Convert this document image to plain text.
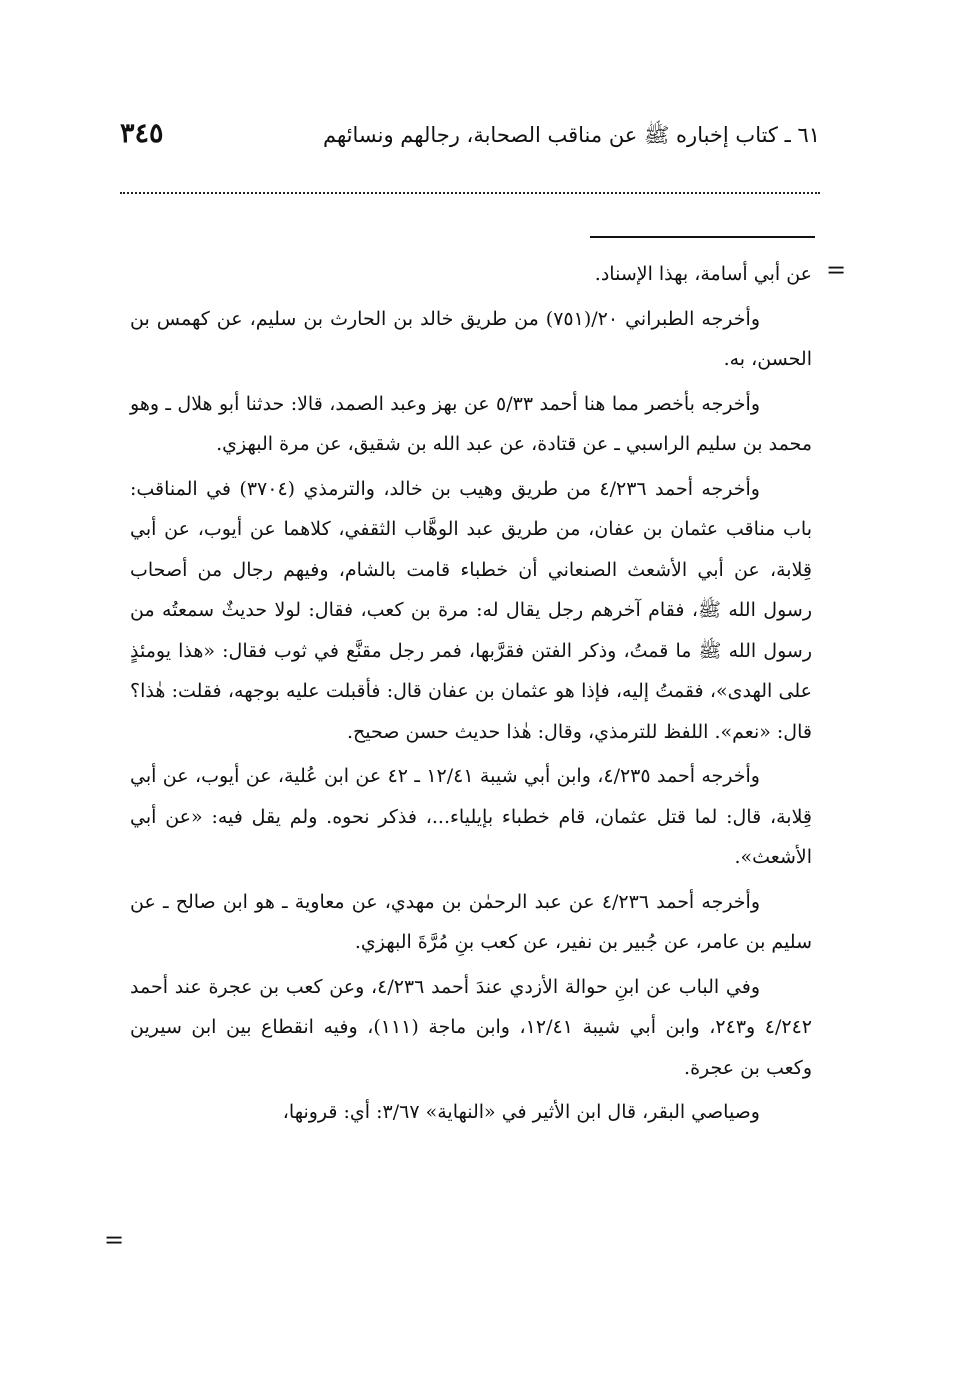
٦١ ـ كتاب إخباره ﷺ عن مناقب الصحابة، رجالهم ونسائهم
٣٤٥
=
=

عن أبي أسامة، بهذا الإسناد.

وأخرجه الطبراني ٢٠/(٧٥١) من طريق خالد بن الحارث بن سليم، عن كهمس بن الحسن، به.

وأخرجه بأخصر مما هنا أحمد ٥/٣٣ عن بهز وعبد الصمد، قالا: حدثنا أبو هلال ـ وهو محمد بن سليم الراسبي ـ عن قتادة، عن عبد الله بن شقيق، عن مرة البهزي.

وأخرجه أحمد ٤/٢٣٦ من طريق وهيب بن خالد، والترمذي (٣٧٠٤) في المناقب: باب مناقب عثمان بن عفان، من طريق عبد الوهَّاب الثقفي، كلاهما عن أيوب، عن أبي قِلابة، عن أبي الأشعث الصنعاني أن خطباء قامت بالشام، وفيهم رجال من أصحاب رسول الله ﷺ، فقام آخرهم رجل يقال له: مرة بن كعب، فقال: لولا حديثٌ سمعتُه من رسول الله ﷺ ما قمتُ، وذكر الفتن فقرَّبها، فمر رجل مقنَّع في ثوب فقال: «هذا يومئذٍ على الهدى»، فقمتُ إليه، فإذا هو عثمان بن عفان قال: فأقبلت عليه بوجهه، فقلت: هٰذا؟ قال: «نعم». اللفظ للترمذي، وقال: هٰذا حديث حسن صحيح.

وأخرجه أحمد ٤/٢٣٥، وابن أبي شيبة ١٢/٤١ ـ ٤٢ عن ابن عُلية، عن أيوب، عن أبي قِلابة، قال: لما قتل عثمان، قام خطباء بإيلياء...، فذكر نحوه. ولم يقل فيه: «عن أبي الأشعث».

وأخرجه أحمد ٤/٢٣٦ عن عبد الرحمٰن بن مهدي، عن معاوية ـ هو ابن صالح ـ عن سليم بن عامر، عن جُبير بن نفير، عن كعب بنِ مُرَّةَ البهزي.

وفي الباب عن ابنِ حوالة الأزدي عندَ أحمد ٤/٢٣٦، وعن كعب بن عجرة عند أحمد ٤/٢٤٢ و٢٤٣، وابن أبي شيبة ١٢/٤١، وابن ماجة (١١١)، وفيه انقطاع بين ابن سيرين وكعب بن عجرة.

وصياصي البقر، قال ابن الأثير في «النهاية» ٣/٦٧: أي: قرونها،
